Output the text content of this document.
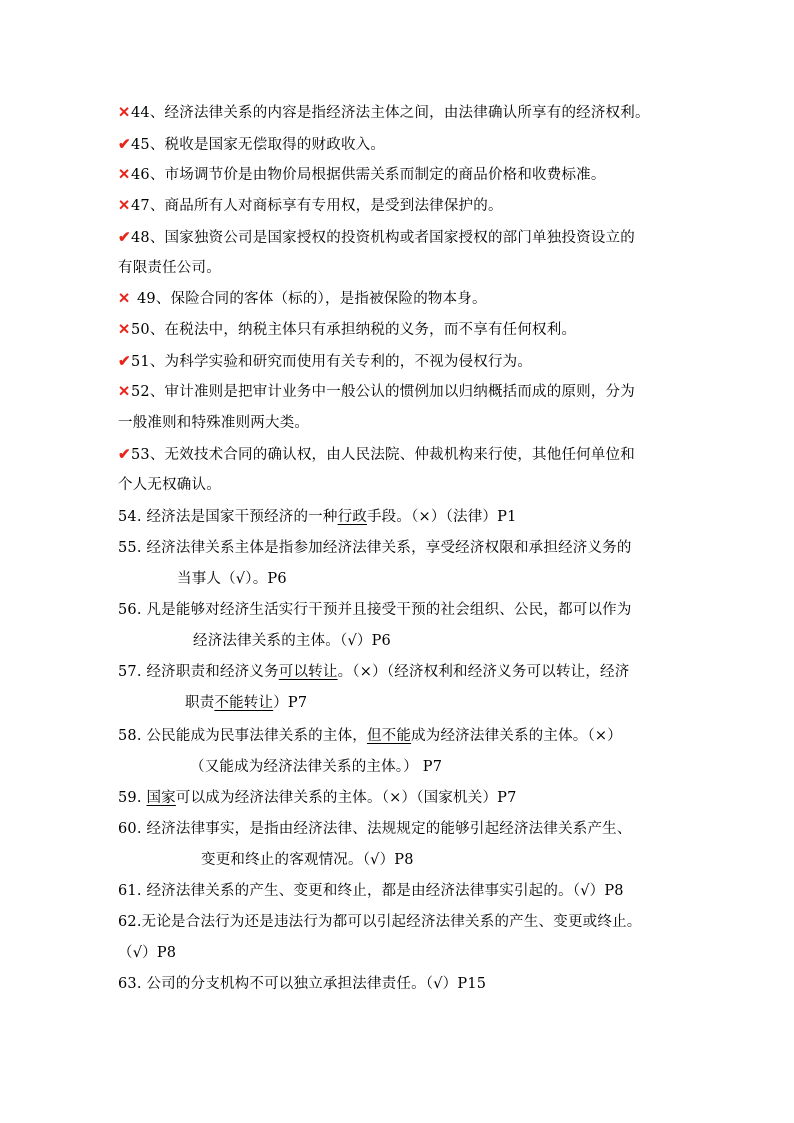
✕44、经济法律关系的内容是指经济法主体之间，由法律确认所享有的经济权利。
✔45、税收是国家无偿取得的财政收入。
✕46、市场调节价是由物价局根据供需关系而制定的商品价格和收费标准。
✕47、商品所有人对商标享有专用权，是受到法律保护的。
✔48、国家独资公司是国家授权的投资机构或者国家授权的部门单独投资设立的
有限责任公司。
✕ 49、保险合同的客体（标的），是指被保险的物本身。
✕50、在税法中，纳税主体只有承担纳税的义务，而不享有任何权利。
✔51、为科学实验和研究而使用有关专利的，不视为侵权行为。
✕52、审计准则是把审计业务中一般公认的惯例加以归纳概括而成的原则，分为
一般准则和特殊准则两大类。
✔53、无效技术合同的确认权，由人民法院、仲裁机构来行使，其他任何单位和
个人无权确认。
54. 经济法是国家干预经济的一种行政手段。（×）（法律）P1
55. 经济法律关系主体是指参加经济法律关系，享受经济权限和承担经济义务的
当事人（√）。P6
56. 凡是能够对经济生活实行干预并且接受干预的社会组织、公民，都可以作为
经济法律关系的主体。（√）P6
57. 经济职责和经济义务可以转让。（×）（经济权利和经济义务可以转让，经济
职责不能转让）P7
58. 公民能成为民事法律关系的主体，但不能成为经济法律关系的主体。（×）
（又能成为经济法律关系的主体。） P7
59. 国家可以成为经济法律关系的主体。（×）（国家机关）P7
60. 经济法律事实，是指由经济法律、法规规定的能够引起经济法律关系产生、
变更和终止的客观情况。（√）P8
61. 经济法律关系的产生、变更和终止，都是由经济法律事实引起的。（√）P8
62.无论是合法行为还是违法行为都可以引起经济法律关系的产生、变更或终止。
（√）P8
63. 公司的分支机构不可以独立承担法律责任。（√）P15
